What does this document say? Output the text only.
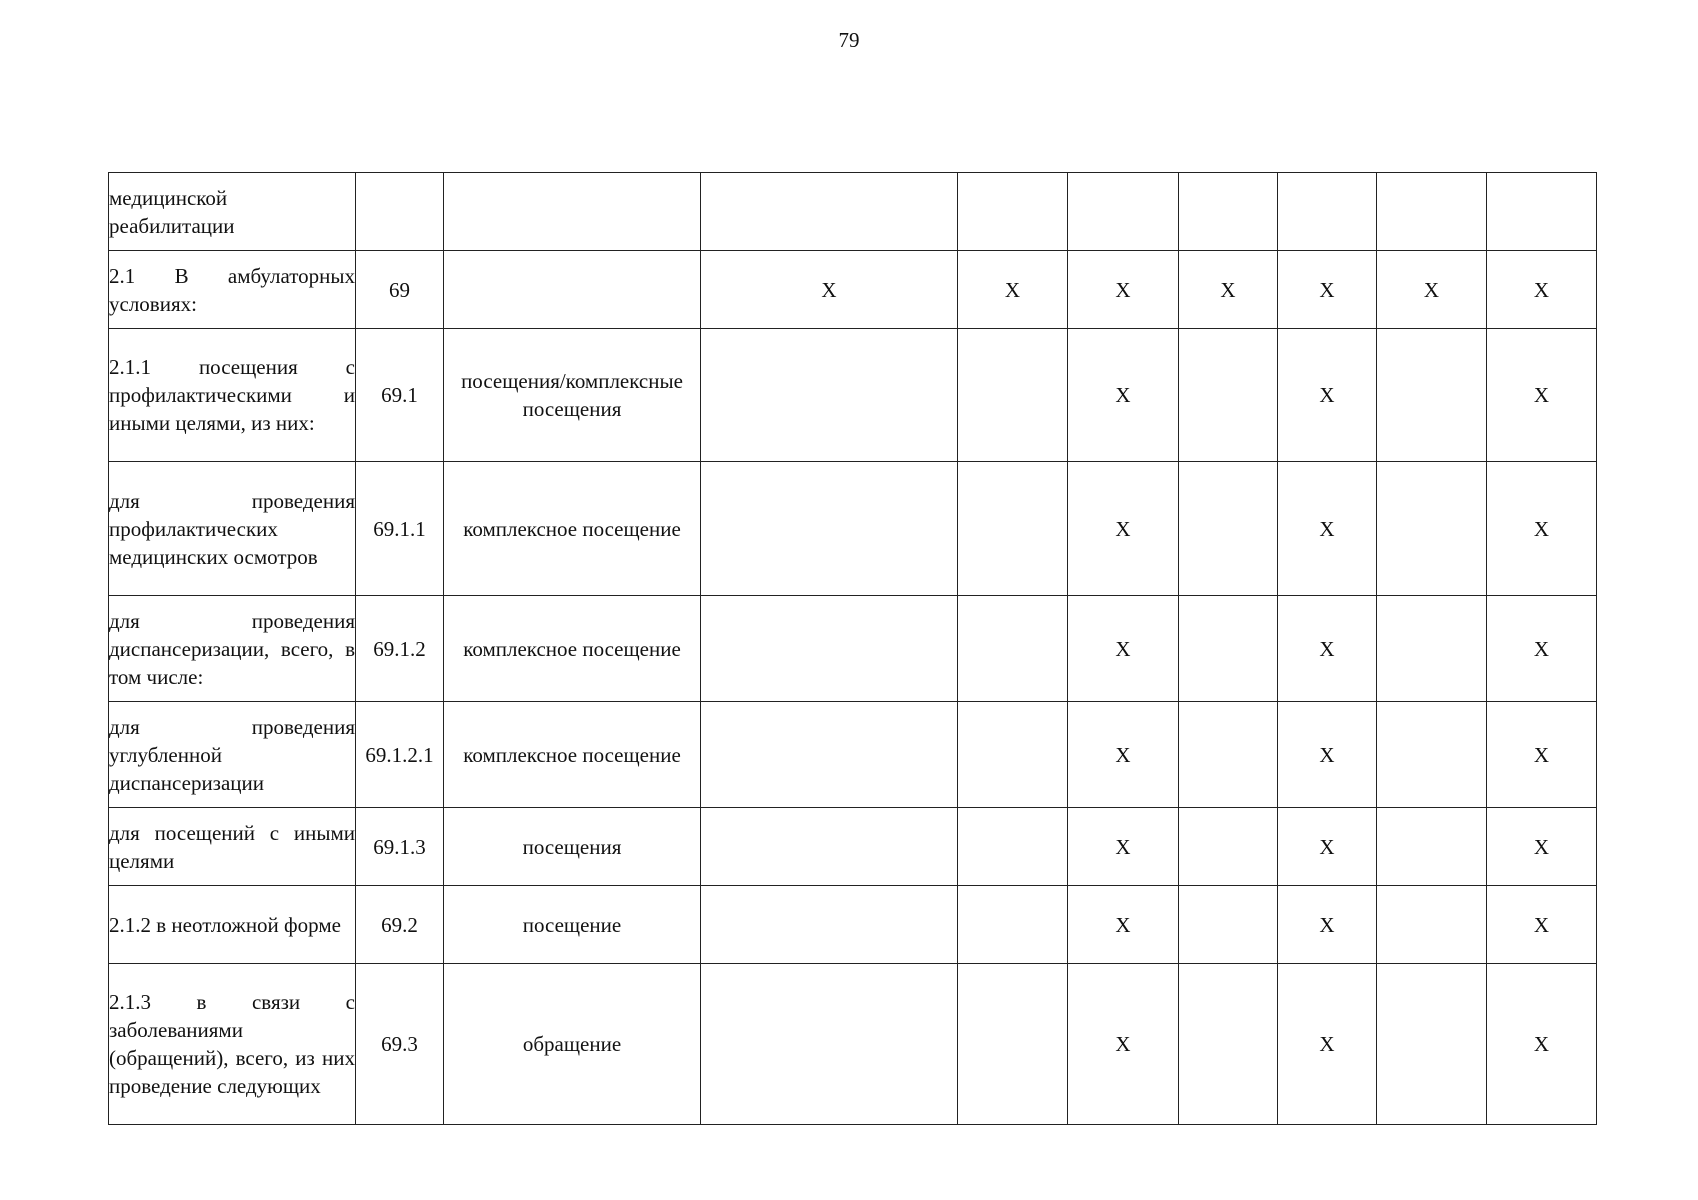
79
медицинской реабилитации									
2.1 В амбулаторных условиях:	69		X	X	X	X	X	X	X
2.1.1 посещения с профилактическими и иными целями, из них:	69.1	посещения/комплексные посещения			X		X		X
для проведения профилактических медицинских осмотров	69.1.1	комплексное посещение			X		X		X
для проведения диспансеризации, всего, в том числе:	69.1.2	комплексное посещение			X		X		X
для проведения углубленной диспансеризации	69.1.2.1	комплексное посещение			X		X		X
для посещений с иными целями	69.1.3	посещения			X		X		X
2.1.2 в неотложной форме	69.2	посещение			X		X		X
2.1.3 в связи с заболеваниями (обращений), всего, из них проведение следующих	69.3	обращение			X		X		X
